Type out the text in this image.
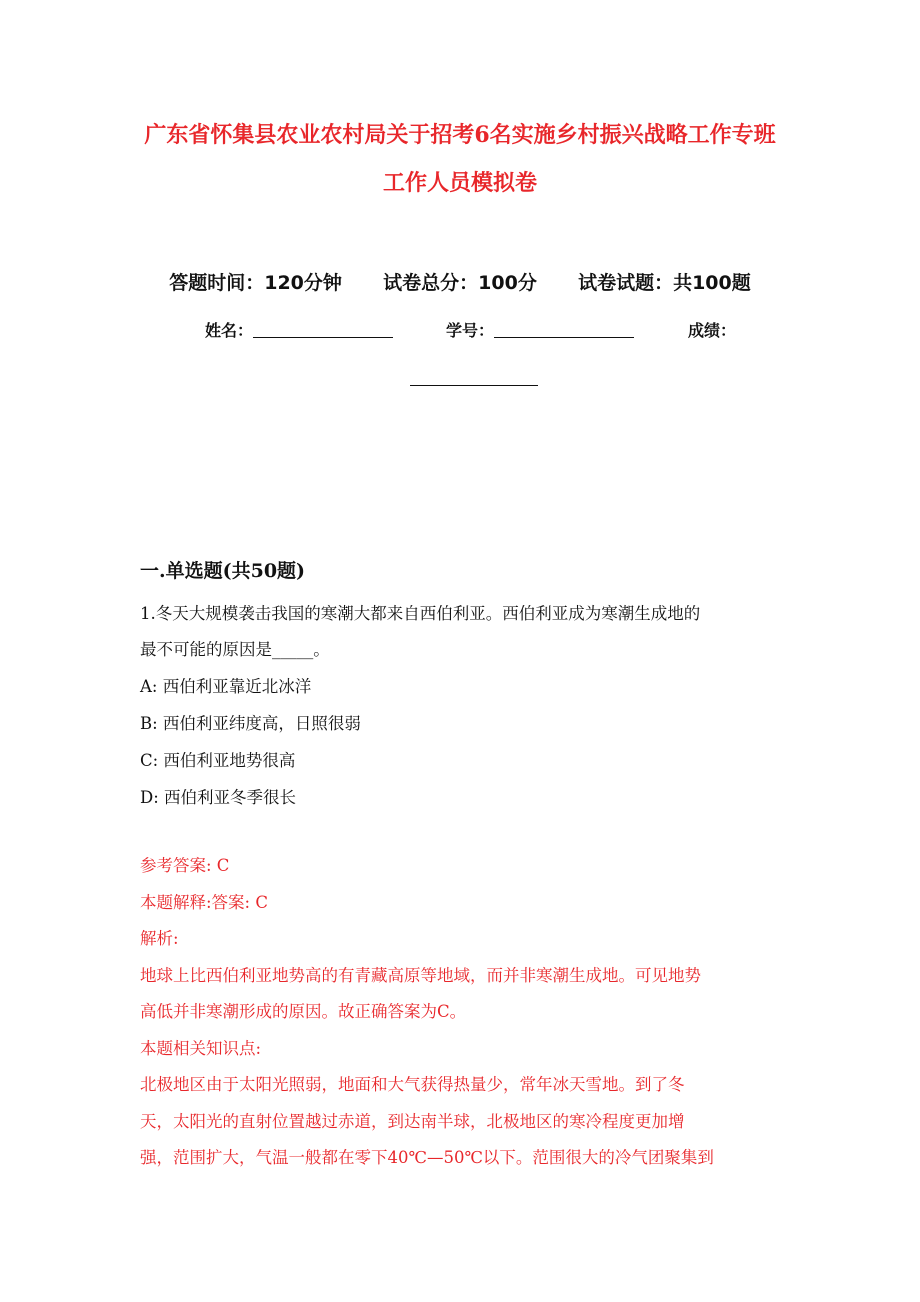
广东省怀集县农业农村局关于招考6名实施乡村振兴战略工作专班
工作人员模拟卷
答题时间：120分钟 试卷总分：100分 试卷试题：共100题
姓名：	学号：	成绩：
一.单选题(共50题)
1.冬天大规模袭击我国的寒潮大都来自西伯利亚。西伯利亚成为寒潮生成地的
最不可能的原因是_____。
A: 西伯利亚靠近北冰洋
B: 西伯利亚纬度高，日照很弱
C: 西伯利亚地势很高
D: 西伯利亚冬季很长
参考答案: C
本题解释:答案: C
解析:
地球上比西伯利亚地势高的有青藏高原等地域，而并非寒潮生成地。可见地势
高低并非寒潮形成的原因。故正确答案为C。
本题相关知识点:
北极地区由于太阳光照弱，地面和大气获得热量少，常年冰天雪地。到了冬
天，太阳光的直射位置越过赤道，到达南半球，北极地区的寒冷程度更加增
强，范围扩大，气温一般都在零下40℃—50℃以下。范围很大的冷气团聚集到
